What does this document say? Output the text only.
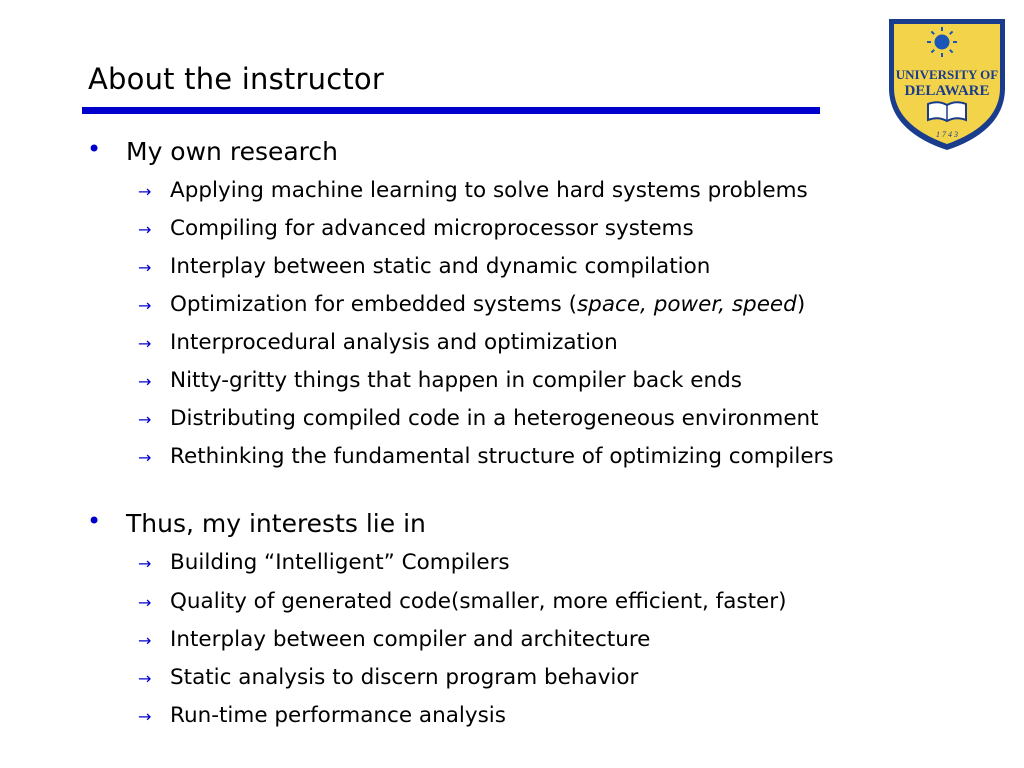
About the instructor	UNIVERSITY OF
DELAWARE
1 7 4 3
• My own research
→ Applying machine learning to solve hard systems problems
→ Compiling for advanced microprocessor systems
→ Interplay between static and dynamic compilation
→ Optimization for embedded systems (space, power, speed)
→ Interprocedural analysis and optimization
→ Nitty-gritty things that happen in compiler back ends
→ Distributing compiled code in a heterogeneous environment
→ Rethinking the fundamental structure of optimizing compilers
• Thus, my interests lie in
→ Building “Intelligent” Compilers
→ Quality of generated code(smaller, more efficient, faster)
→ Interplay between compiler and architecture
→ Static analysis to discern program behavior
→ Run-time performance analysis
